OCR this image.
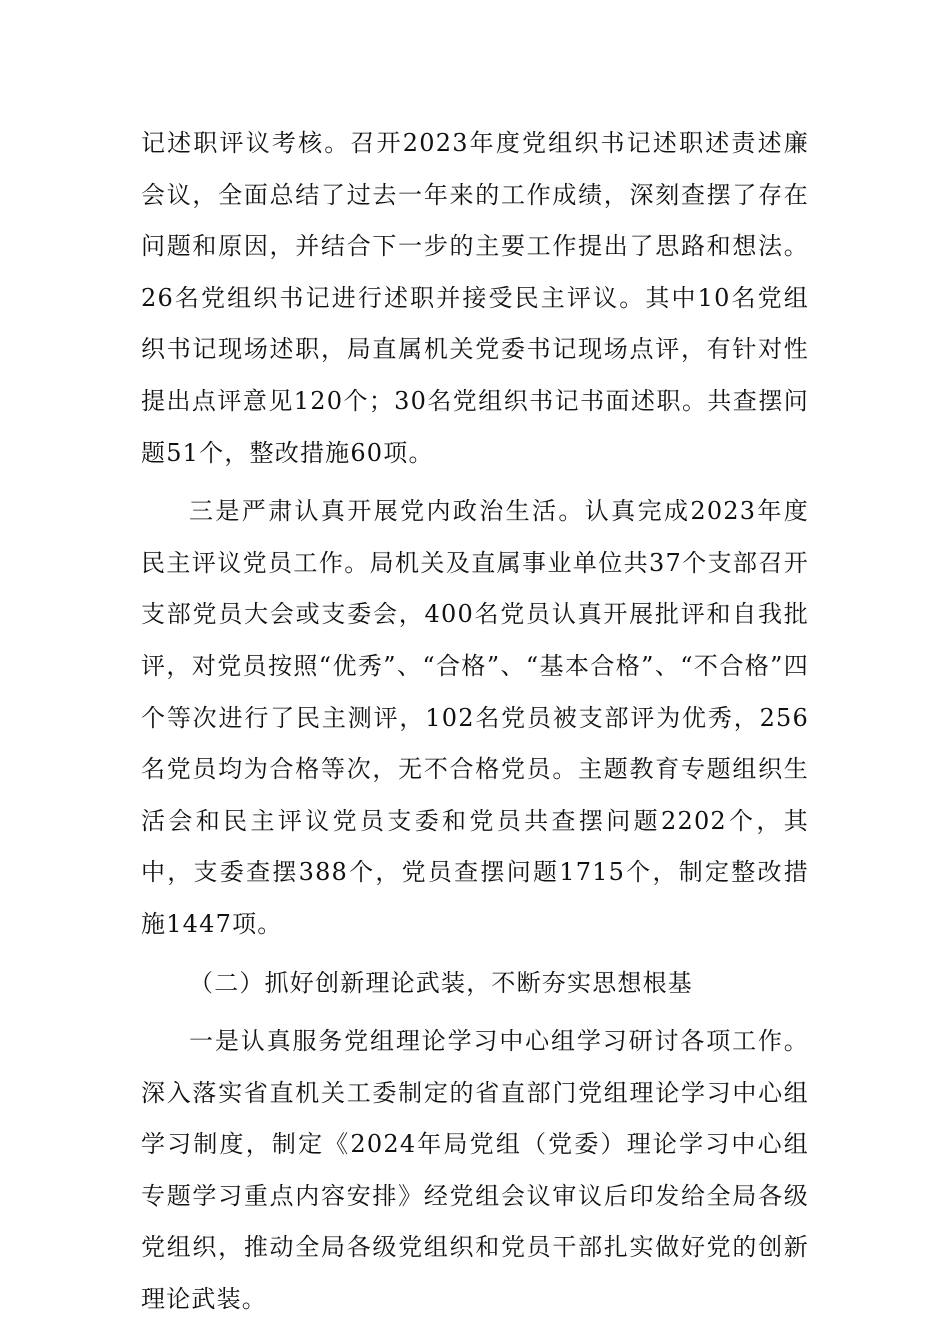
记述职评议考核。召开2023年度党组织书记述职述责述廉会议，全面总结了过去一年来的工作成绩，深刻查摆了存在问题和原因，并结合下一步的主要工作提出了思路和想法。26名党组织书记进行述职并接受民主评议。其中10名党组织书记现场述职，局直属机关党委书记现场点评，有针对性提出点评意见120个；30名党组织书记书面述职。共查摆问题51个，整改措施60项。

三是严肃认真开展党内政治生活。认真完成2023年度民主评议党员工作。局机关及直属事业单位共37个支部召开支部党员大会或支委会，400名党员认真开展批评和自我批评，对党员按照“优秀”、“合格”、“基本合格”、“不合格”四个等次进行了民主测评，102名党员被支部评为优秀，256名党员均为合格等次，无不合格党员。主题教育专题组织生活会和民主评议党员支委和党员共查摆问题2202个，其中，支委查摆388个，党员查摆问题1715个，制定整改措施1447项。

（二）抓好创新理论武装，不断夯实思想根基

一是认真服务党组理论学习中心组学习研讨各项工作。深入落实省直机关工委制定的省直部门党组理论学习中心组学习制度，制定《2024年局党组（党委）理论学习中心组专题学习重点内容安排》经党组会议审议后印发给全局各级党组织，推动全局各级党组织和党员干部扎实做好党的创新理论武装。
